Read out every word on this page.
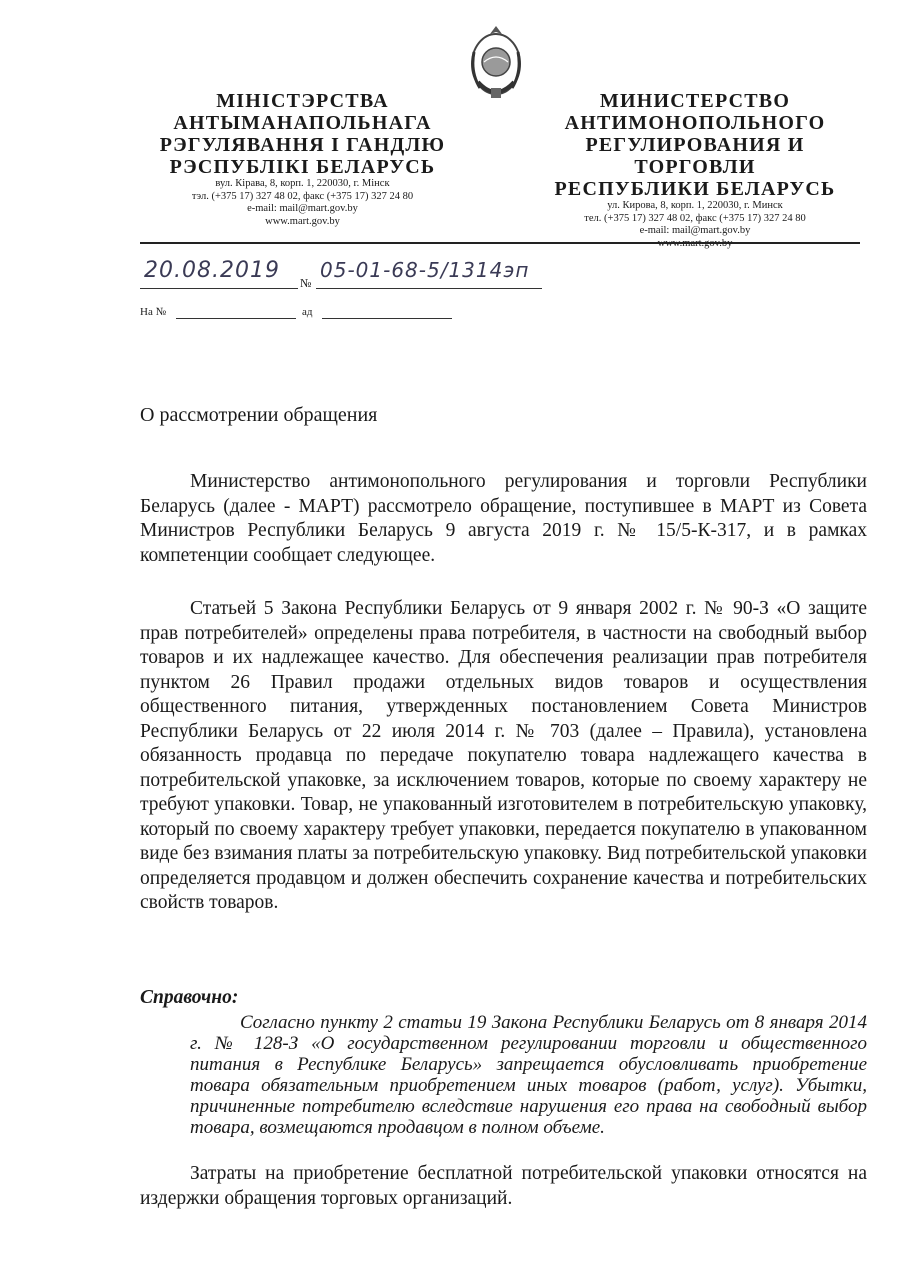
МІНІСТЭРСТВА
АНТЫМАНАПОЛЬНАГА
РЭГУЛЯВАННЯ І ГАНДЛЮ
РЭСПУБЛІКІ БЕЛАРУСЬ
вул. Кірава, 8, корп. 1, 220030, г. Мінск
тэл. (+375 17) 327 48 02, факс (+375 17) 327 24 80
e-mail: mail@mart.gov.by
www.mart.gov.by
МИНИСТЕРСТВО
АНТИМОНОПОЛЬНОГО
РЕГУЛИРОВАНИЯ И ТОРГОВЛИ
РЕСПУБЛИКИ БЕЛАРУСЬ
ул. Кирова, 8, корп. 1, 220030, г. Минск
тел. (+375 17) 327 48 02, факс (+375 17) 327 24 80
e-mail: mail@mart.gov.by
www.mart.gov.by
20.08.2019 №
05-01-68-5/1314эп
На №	ад
О рассмотрении обращения

Министерство антимонопольного регулирования и торговли Республики Беларусь (далее - МАРТ) рассмотрело обращение, поступившее в МАРТ из Совета Министров Республики Беларусь 9 августа 2019 г. № 15/5-К-317, и в рамках компетенции сообщает следующее.

Статьей 5 Закона Республики Беларусь от 9 января 2002 г. № 90-З «О защите прав потребителей» определены права потребителя, в частности на свободный выбор товаров и их надлежащее качество. Для обеспечения реализации прав потребителя пунктом 26 Правил продажи отдельных видов товаров и осуществления общественного питания, утвержденных постановлением Совета Министров Республики Беларусь от 22 июля 2014 г. № 703 (далее – Правила), установлена обязанность продавца по передаче покупателю товара надлежащего качества в потребительской упаковке, за исключением товаров, которые по своему характеру не требуют упаковки. Товар, не упакованный изготовителем в потребительскую упаковку, который по своему характеру требует упаковки, передается покупателю в упакованном виде без взимания платы за потребительскую упаковку. Вид потребительской упаковки определяется продавцом и должен обеспечить сохранение качества и потребительских свойств товаров.

Справочно:

Согласно пункту 2 статьи 19 Закона Республики Беларусь от 8 января 2014 г. № 128-З «О государственном регулировании торговли и общественного питания в Республике Беларусь» запрещается обусловливать приобретение товара обязательным приобретением иных товаров (работ, услуг). Убытки, причиненные потребителю вследствие нарушения его права на свободный выбор товара, возмещаются продавцом в полном объеме.

Затраты на приобретение бесплатной потребительской упаковки относятся на издержки обращения торговых организаций.
